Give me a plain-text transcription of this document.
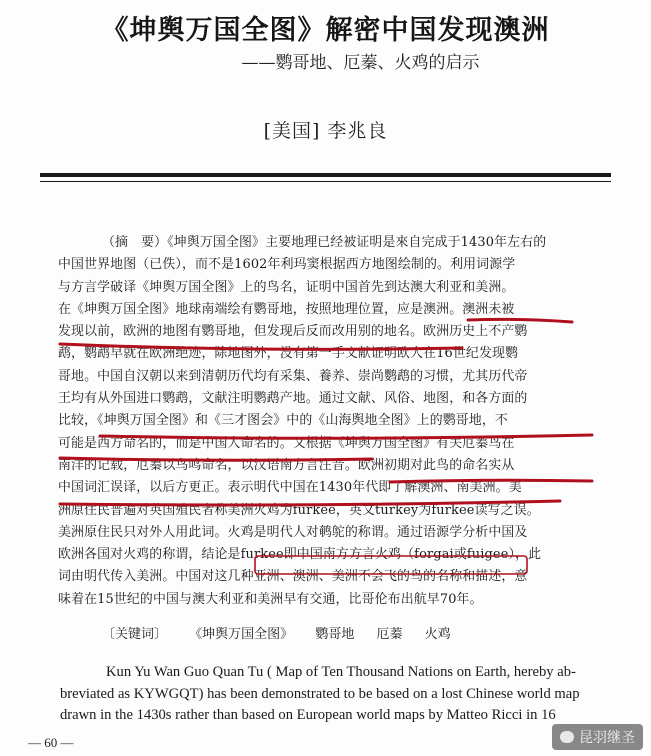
《坤舆万国全图》解密中国发现澳洲
——鹦哥地、厄蓁、火鸡的启示
[美国] 李兆良
（摘　要）《坤舆万国全图》主要地理已经被证明是來自完成于1430年左右的
中国世界地图（已佚），而不是1602年利玛窦根据西方地图绘制的。利用词源学
与方言学破译《坤舆万国全图》上的鸟名，证明中国首先到达澳大利亚和美洲。
在《坤舆万国全图》地球南端绘有鹦哥地，按照地理位置，应是澳洲。澳洲未被
发现以前，欧洲的地图有鹦哥地，但发现后反而改用别的地名。欧洲历史上不产鹦
鹉，鹦鹉早就在欧洲绝迹，除地图外，没有第一手文献证明欧人在16世纪发现鹦
哥地。中国自汉朝以来到清朝历代均有采集、養养、崇尚鹦鹉的习惯，尤其历代帝
王均有从外国进口鹦鹉，文献注明鹦鹉产地。通过文献、风俗、地图，和各方面的
比较，《坤舆万国全图》和《三才图会》中的《山海舆地全图》上的鹦哥地，不
可能是西方命名的，而是中国人命名的。又根据《坤舆万国全图》有关厄蓁鸟在
南洋的记载，厄蓁以鸟鸣命名，以汉语南方言注音。欧洲初期对此鸟的命名实从
中国词汇误译，以后方更正。表示明代中国在1430年代即了解澳洲、南美洲。美
洲原住民普遍对英国殖民者称美洲火鸡为furkee，英文turkey为furkee读写之误。
美洲原住民只对外人用此词。火鸡是明代人对鹌鸵的称谓。通过语源学分析中国及
欧洲各国对火鸡的称谓，结论是furkee即中国南方方言火鸡（forgai或fuigee），此
词由明代传入美洲。中国对这几种亚洲、澳洲、美洲不会飞的鸟的名称和描述，意
味着在15世纪的中国与澳大利亚和美洲早有交通，比哥伦布出航早70年。
〔关键词〕 《坤舆万国全图》 鹦哥地 厄蓁 火鸡
Kun Yu Wan Guo Quan Tu ( Map of Ten Thousand Nations on Earth, hereby ab-
breviated as KYWGQT) has been demonstrated to be based on a lost Chinese world map
drawn in the 1430s rather than based on European world maps by Matteo Ricci in 16
— 60 —	昆羽继圣
